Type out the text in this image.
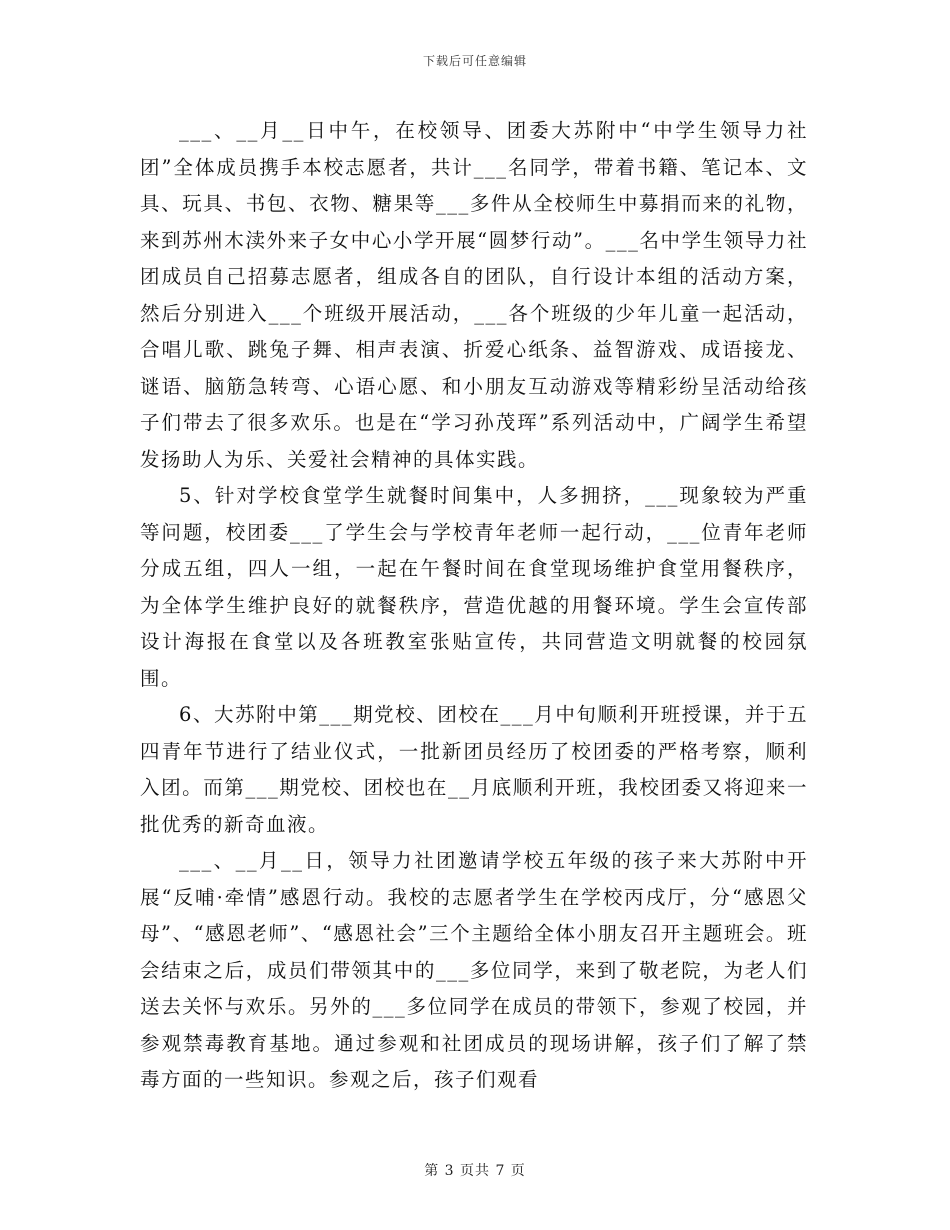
下载后可任意编辑

___、__月__日中午，在校领导、团委大苏附中“中学生领导力社团”全体成员携手本校志愿者，共计___名同学，带着书籍、笔记本、文具、玩具、书包、衣物、糖果等___多件从全校师生中募捐而来的礼物，来到苏州木渎外来子女中心小学开展“圆梦行动”。___名中学生领导力社团成员自己招募志愿者，组成各自的团队，自行设计本组的活动方案，然后分别进入___个班级开展活动，___各个班级的少年儿童一起活动，合唱儿歌、跳兔子舞、相声表演、折爱心纸条、益智游戏、成语接龙、谜语、脑筋急转弯、心语心愿、和小朋友互动游戏等精彩纷呈活动给孩子们带去了很多欢乐。也是在“学习孙茂珲”系列活动中，广阔学生希望发扬助人为乐、关爱社会精神的具体实践。

5、针对学校食堂学生就餐时间集中，人多拥挤，___现象较为严重等问题，校团委___了学生会与学校青年老师一起行动，___位青年老师分成五组，四人一组，一起在午餐时间在食堂现场维护食堂用餐秩序，为全体学生维护良好的就餐秩序，营造优越的用餐环境。学生会宣传部设计海报在食堂以及各班教室张贴宣传，共同营造文明就餐的校园氛围。

6、大苏附中第___期党校、团校在___月中旬顺利开班授课，并于五四青年节进行了结业仪式，一批新团员经历了校团委的严格考察，顺利入团。而第___期党校、团校也在__月底顺利开班，我校团委又将迎来一批优秀的新奇血液。

___、__月__日，领导力社团邀请学校五年级的孩子来大苏附中开展“反哺·牵情”感恩行动。我校的志愿者学生在学校丙戌厅，分“感恩父母”、“感恩老师”、“感恩社会”三个主题给全体小朋友召开主题班会。班会结束之后，成员们带领其中的___多位同学，来到了敬老院，为老人们送去关怀与欢乐。另外的___多位同学在成员的带领下，参观了校园，并参观禁毒教育基地。通过参观和社团成员的现场讲解，孩子们了解了禁毒方面的一些知识。参观之后，孩子们观看

第 3 页共 7 页
